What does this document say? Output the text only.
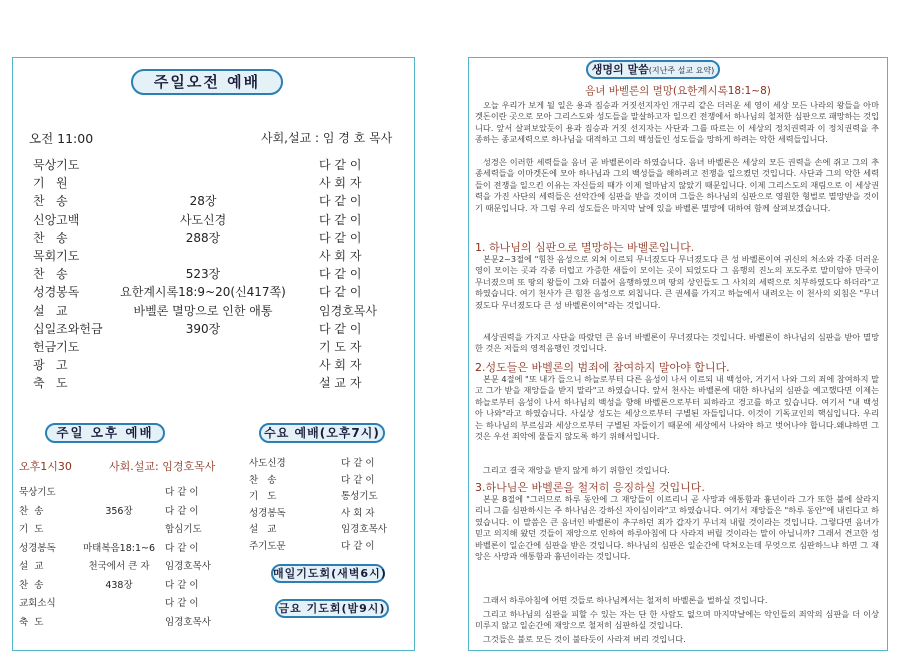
주일오전 예배
오전 11:00	사회,설교 : 임 경 호 목사
묵상기도	다 같 이
기   원	사 회 자
찬   송	28장	다 같 이
신앙고백	사도신경	다 같 이
찬   송	288장	다 같 이
목회기도	사 회 자
찬   송	523장	다 같 이
성경봉독	요한계시록18:9~20(신417쪽)	다 같 이
설   교	바벨론 멸망으로 인한 애통	임경호목사
십일조와헌금	390장	다 같 이
헌금기도	기 도 자
광   고	사 회 자
축   도	설 교 자
주일 오후 예배	수요 예배(오후7시)
오후1시30	사회.설교: 임경호목사
묵상기도	다 같 이
찬  송	356장	다 같 이
기  도	합심기도
성경봉독	마태복음18:1~6	다 같 이
설  교	천국에서 큰 자	임경호목사
찬  송	438장	다 같 이
교회소식	다 같 이
축  도	임경호목사
사도신경	다 같 이
찬   송	다 같 이
기   도	통성기도
성경봉독	사 회 자
설   교	임경호목사
주기도문	다 같 이
매일기도회(새벽6시)
금요 기도회(밤9시)
생명의 말씀(지난주 설교 요약)
음녀 바벨론의 멸망(요한계시록18:1~8)

오늘 우리가 보게 될 일은 용과 짐승과 거짓선지자인 개구리 같은 더러운 세 영이 세상 모든 나라의 왕들을 아마겟돈이란 곳으로 모아 그리스도와 성도들을 말살하고자 일으킨 전쟁에서 하나님의 철저한 심판으로 패망하는 것입니다. 앞서 살펴보았듯이 용과 짐승과 거짓 선지자는 사단과 그를 따르는 이 세상의 정치권력과 이 정치권력을 추종하는 종교세력으로 하나님을 대적하고 그의 백성들인 성도들을 망하게 하려는 악한 세력들입니다.

성경은 이러한 세력들을 음녀 곧 바벨론이라 하였습니다. 음녀 바벨론은 세상의 모든 권력을 손에 쥐고 그의 추종세력들을 이마겟돈에 모아 하나님과 그의 백성들을 해하려고 전쟁을 일으켰던 것입니다. 사단과 그의 악한 세력들이 전쟁을 일으킨 이유는 자신들의 때가 이제 얼마남지 않았기 때문입니다. 이제 그리스도의 재림으로 이 세상권력을 가진 사단의 세력들은 선악간에 심판을 받을 것이며 그들은 하나님의 심판으로 영원한 형벌로 멸망받을 것이기 때문입니다. 자 그럼 우리 성도들은 마지막 날에 있을 바벨론 멸망에 대하여 함께 살펴보겠습니다.

1. 하나님의 심판으로 멸망하는 바벨론입니다.

본문2~3절에 "힘찬 음성으로 외쳐 이르되 무너졌도다 무너졌도다 큰 성 바벨론이여 귀신의 처소와 각종 더러운 영이 모이는 곳과 각종 더럽고 가증한 새들이 모이는 곳이 되었도다 그 음행의 진노의 포도주로 말미암아 만국이 무너졌으며 또 땅의 왕들이 그와 더불어 음행하였으며 땅의 상인들도 그 사치의 세력으로 치부하였도다 하더라"고 하였습니다. 여기 천사가 큰 힘찬 음성으로 외칩니다. 큰 권세를 가지고 하늘에서 내려오는 이 천사의 외침은 "무너졌도다 무너졌도다 큰 성 바벨론이여"라는 것입니다.

세상권력을 가지고 사단을 따랐던 큰 음녀 바벨론이 무너졌다는 것입니다. 바벨론이 하나님의 심판을 받아 멸망한 것은 저들의 영적음행인 것입니다.

2.성도들은 바벨론의 범죄에 참여하지 말아야 합니다.

본문 4절에 "또 내가 들으니 하늘로부터 다른 음성이 나서 이르되 내 백성아, 거기서 나와 그의 죄에 참여하지 말고 그가 받을 재앙들을 받지 말라"고 하였습니다. 앞서 천사는 바벨론에 대한 하나님의 심판을 예고했다면 이제는 하늘로부터 음성이 나서 하나님의 백성을 향해 바벨론으로부터 피하라고 경고를 하고 있습니다. 여기서 "내 백성아 나와"라고 하였습니다. 사실상 성도는 세상으로부터 구별된 자들입니다. 이것이 기독교인의 핵심입니다. 우리는 하나님의 부르심과 세상으로부터 구별된 자들이기 때문에 세상에서 나와야 하고 벗어나야 합니다.왜냐하면 그것은 우선 죄악에 물들지 않도록 하기 위해서입니다.

그리고 결국 재앙을 받지 않게 하기 위함인 것입니다.

3.하나님은 바벨론을 철저히 응징하실 것입니다.

본문 8절에 "그러므로 하루 동안에 그 재앙들이 이르리니 곧 사망과 애통함과 흉년이라 그가 또한 불에 살라지리니 그를 심판하시는 주 하나님은 강하신 자이심이라"고 하였습니다. 여기서 재앙들은 "하루 동안"에 내린다고 하였습니다. 이 말씀은 큰 음녀인 바벨론이 추구하던 죄가 갑자기 무너져 내릴 것이라는 것입니다. 그렇다면 음녀가 믿고 의지해 왔던 것들이 재앙으로 인하여 하루아침에 다 사라져 버릴 것이라는 말이 아닙니까? 그래서 견고한 성 바벨론이 일순간에 심판을 받은 것입니다. 하나님의 심판은 일순간에 닥쳐오는데 무엇으로 심판하느냐 하면 그 재앙은 사망과 애통함과 흉년이라는 것입니다.

그래서 하루아침에 어떤 것들로 하나님께서는 철저히 바벨론을 벌하실 것입니다.

그리고 하나님의 심판을 피할 수 있는 자는 단 한 사람도 없으며 마지막날에는 악인들의 죄악의 심판을 더 이상 미루지 않고 일순간에 재앙으로 철저히 심판하실 것입니다.

그것들은 불로 모든 것이 불타듯이 사라져 버리 것입니다.
